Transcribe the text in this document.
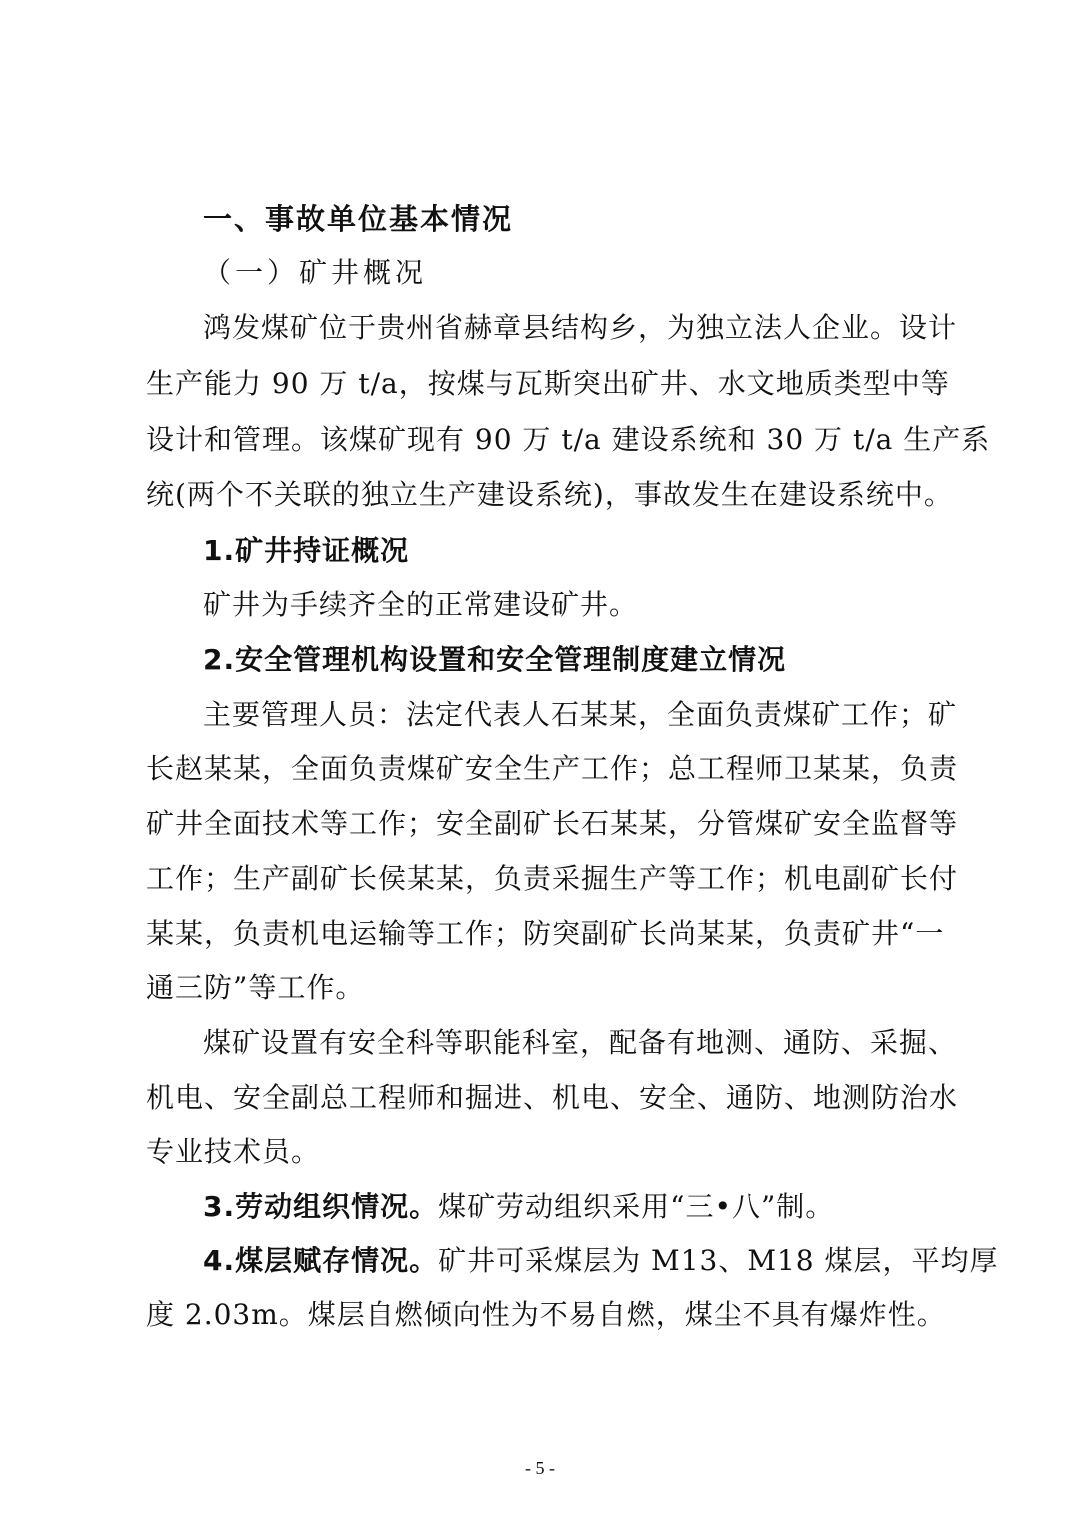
一、事故单位基本情况
（一）矿井概况
鸿发煤矿位于贵州省赫章县结构乡，为独立法人企业。设计
生产能力 90 万 t/a，按煤与瓦斯突出矿井、水文地质类型中等
设计和管理。该煤矿现有 90 万 t/a 建设系统和 30 万 t/a 生产系
统(两个不关联的独立生产建设系统)，事故发生在建设系统中。
1.矿井持证概况
矿井为手续齐全的正常建设矿井。
2.安全管理机构设置和安全管理制度建立情况
主要管理人员：法定代表人石某某，全面负责煤矿工作；矿
长赵某某，全面负责煤矿安全生产工作；总工程师卫某某，负责
矿井全面技术等工作；安全副矿长石某某，分管煤矿安全监督等
工作；生产副矿长侯某某，负责采掘生产等工作；机电副矿长付
某某，负责机电运输等工作；防突副矿长尚某某，负责矿井“一
通三防”等工作。
煤矿设置有安全科等职能科室，配备有地测、通防、采掘、
机电、安全副总工程师和掘进、机电、安全、通防、地测防治水
专业技术员。
3.劳动组织情况。煤矿劳动组织采用“三•八”制。
4.煤层赋存情况。矿井可采煤层为 M13、M18 煤层，平均厚
度 2.03m。煤层自燃倾向性为不易自燃，煤尘不具有爆炸性。
- 5 -
